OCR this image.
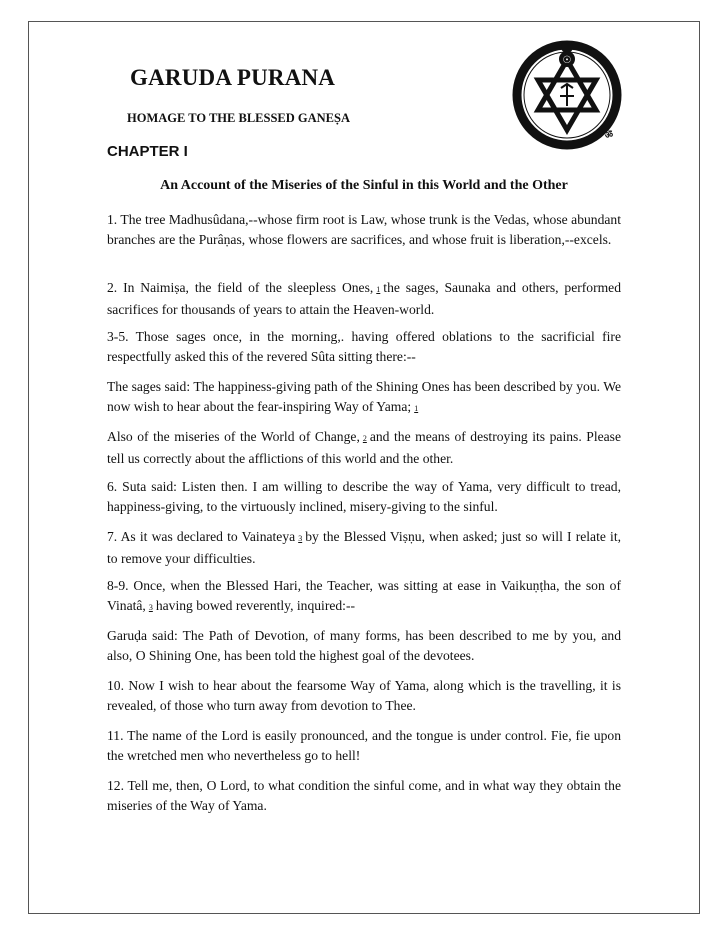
☉
ॐ
GARUDA PURANA
HOMAGE TO THE BLESSED GANEṢA
CHAPTER I
An Account of the Miseries of the Sinful in this World and the Other

1. The tree Madhusûdana,--whose firm root is Law, whose trunk is the Vedas, whose abundant branches are the Purâṇas, whose flowers are sacrifices, and whose fruit is liberation,--excels.

2. In Naimiṣa, the field of the sleepless Ones, 1 the sages, Saunaka and others, performed sacrifices for thousands of years to attain the Heaven-world.

3-5. Those sages once, in the morning,. having offered oblations to the sacrificial fire respectfully asked this of the revered Sûta sitting there:--

The sages said: The happiness-giving path of the Shining Ones has been described by you. We now wish to hear about the fear-inspiring Way of Yama; 1

Also of the miseries of the World of Change, 2 and the means of destroying its pains. Please tell us correctly about the afflictions of this world and the other.

6. Suta said: Listen then. I am willing to describe the way of Yama, very difficult to tread, happiness-giving, to the virtuously inclined, misery-giving to the sinful.

7. As it was declared to Vainateya 3 by the Blessed Viṣṇu, when asked; just so will I relate it, to remove your difficulties.

8-9. Once, when the Blessed Hari, the Teacher, was sitting at ease in Vaikuṇṭha, the son of Vinatâ, 3 having bowed reverently, inquired:--

Garuḍa said: The Path of Devotion, of many forms, has been described to me by you, and also, O Shining One, has been told the highest goal of the devotees.

10. Now I wish to hear about the fearsome Way of Yama, along which is the travelling, it is revealed, of those who turn away from devotion to Thee.

11. The name of the Lord is easily pronounced, and the tongue is under control. Fie, fie upon the wretched men who nevertheless go to hell!

12. Tell me, then, O Lord, to what condition the sinful come, and in what way they obtain the miseries of the Way of Yama.
